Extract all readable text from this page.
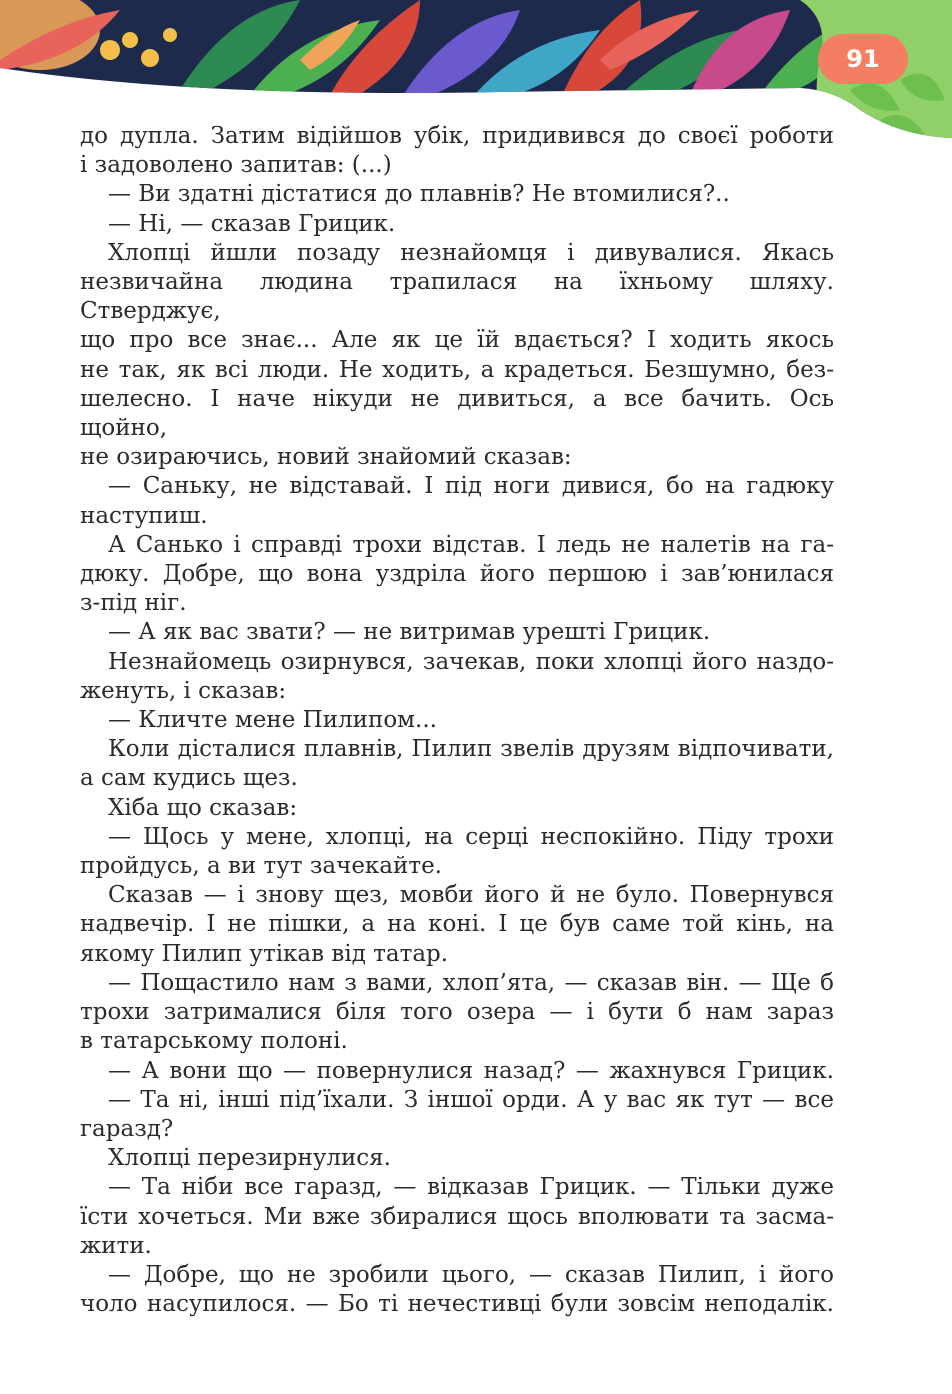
91

до дупла. Затим відійшов убік, придивився до своєї роботи

і задоволено запитав: (...)

— Ви здатні дістатися до плавнів? Не втомилися?..

— Ні, — сказав Грицик.

Хлопці йшли позаду незнайомця і дивувалися. Якась

незвичайна людина трапилася на їхньому шляху. Стверджує,

що про все знає... Але як це їй вдається? І ходить якось

не так, як всі люди. Не ходить, а крадеться. Безшумно, без-

шелесно. І наче нікуди не дивиться, а все бачить. Ось щойно,

не озираючись, новий знайомий сказав:

— Саньку, не відставай. І під ноги дивися, бо на гадюку

наступиш.

А Санько і справді трохи відстав. І ледь не налетів на га-

дюку. Добре, що вона уздріла його першою і зав’юнилася

з-під ніг.

— А як вас звати? — не витримав урешті Грицик.

Незнайомець озирнувся, зачекав, поки хлопці його наздо-

женуть, і сказав:

— Кличте мене Пилипом...

Коли дісталися плавнів, Пилип звелів друзям відпочивати,

а сам кудись щез.

Хіба що сказав:

— Щось у мене, хлопці, на серці неспокійно. Піду трохи

пройдусь, а ви тут зачекайте.

Сказав — і знову щез, мовби його й не було. Повернувся

надвечір. І не пішки, а на коні. І це був саме той кінь, на

якому Пилип утікав від татар.

— Пощастило нам з вами, хлоп’ята, — сказав він. — Ще б

трохи затрималися біля того озера — і бути б нам зараз

в татарському полоні.

— А вони що — повернулися назад? — жахнувся Грицик.

— Та ні, інші під’їхали. З іншої орди. А у вас як тут — все

гаразд?

Хлопці перезирнулися.

— Та ніби все гаразд, — відказав Грицик. — Тільки дуже

їсти хочеться. Ми вже збиралися щось вполювати та засма-

жити.

— Добре, що не зробили цього, — сказав Пилип, і його

чоло насупилося. — Бо ті нечестивці були зовсім неподалік.
